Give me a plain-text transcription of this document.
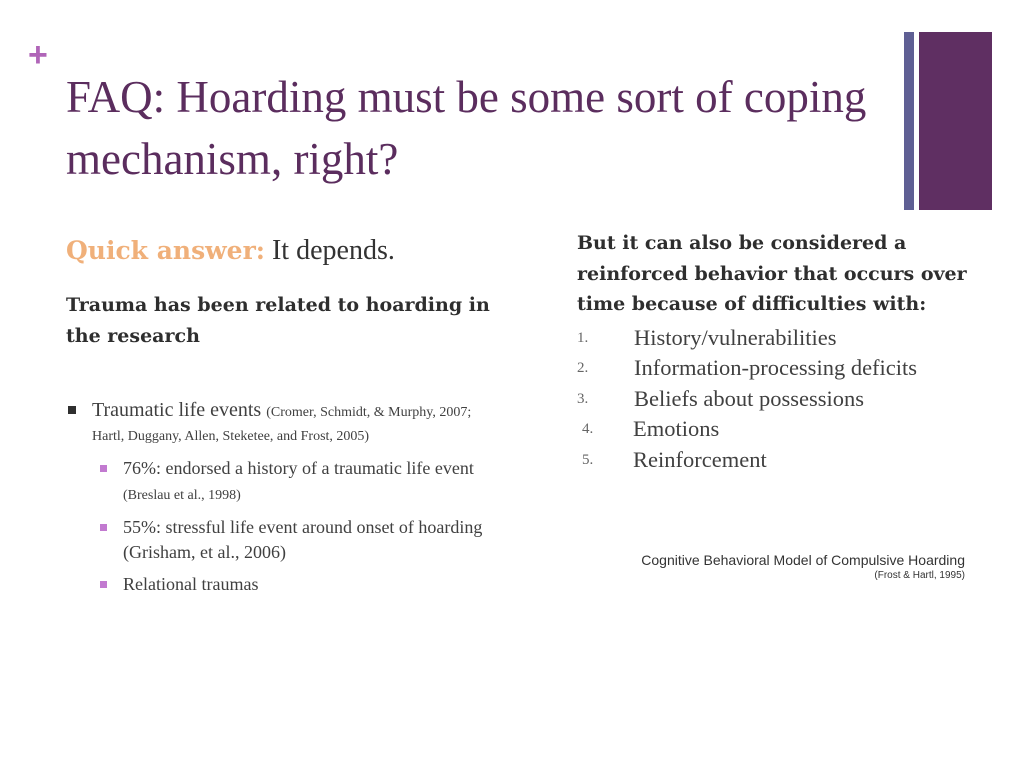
+
FAQ: Hoarding must be some sort of coping mechanism, right?

Quick answer: It depends.

Trauma has been related to hoarding in the research

Traumatic life events (Cromer, Schmidt, & Murphy, 2007; Hartl, Duggany, Allen, Steketee, and Frost, 2005)
76%: endorsed a history of a traumatic life event (Breslau et al., 1998)
55%: stressful life event around onset of hoarding (Grisham, et al., 2006)
Relational traumas

But it can also be considered a reinforced behavior that occurs over time because of difficulties with:

1. History/vulnerabilities
2. Information-processing deficits
3. Beliefs about possessions
4. Emotions
5. Reinforcement
Cognitive Behavioral Model of Compulsive Hoarding
(Frost & Hartl, 1995)
